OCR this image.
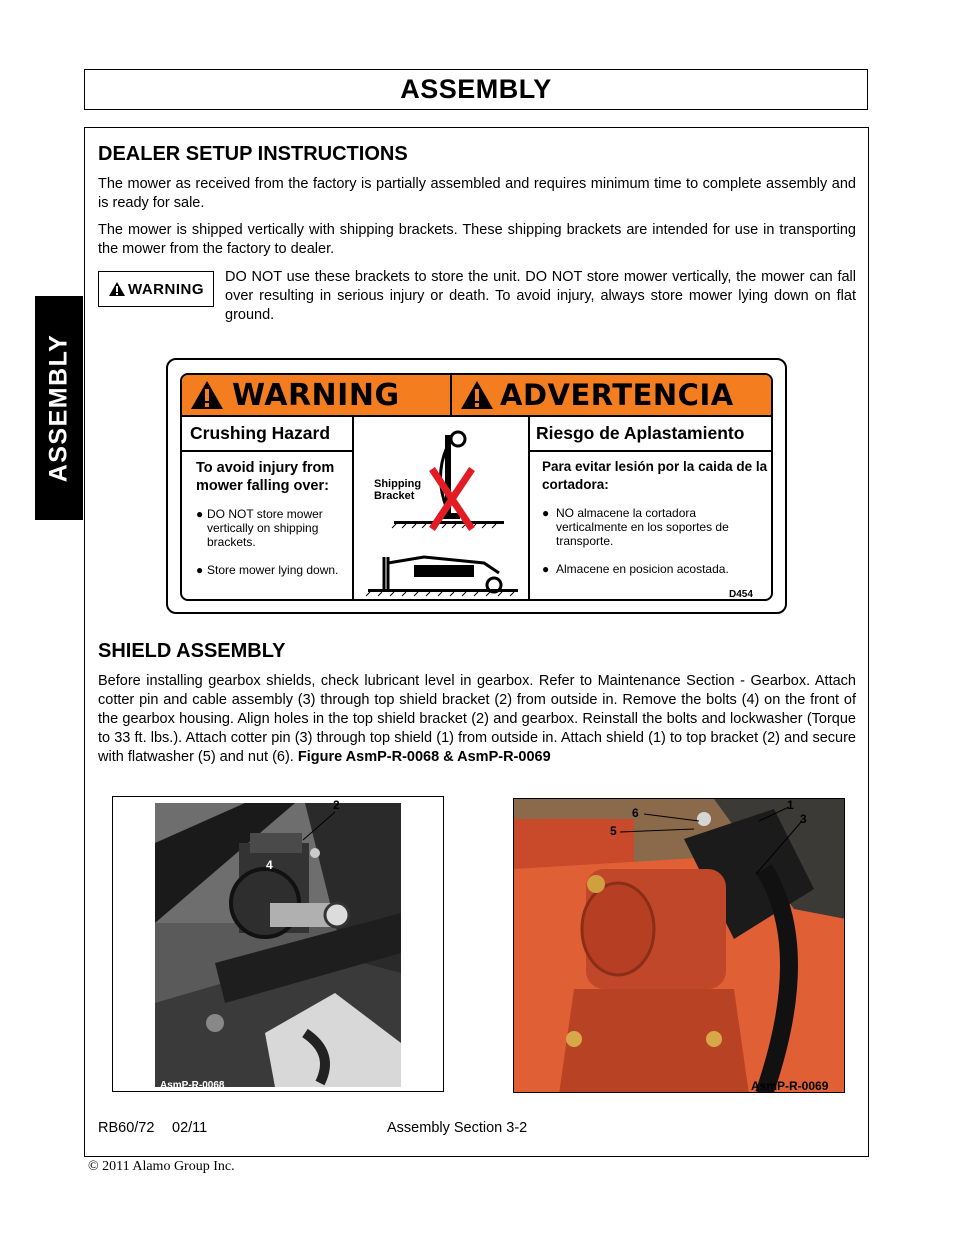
ASSEMBLY
ASSEMBLY
DEALER SETUP INSTRUCTIONS

The mower as received from the factory is partially assembled and requires minimum time to complete assembly and is ready for sale.

The mower is shipped vertically with shipping brackets. These shipping brackets are intended for use in transporting the mower from the factory to dealer.

WARNING

DO NOT use these brackets to store the unit. DO NOT store mower vertically, the mower can fall over resulting in serious injury or death. To avoid injury, always store mower lying down on flat ground.

WARNING	ADVERTENCIA
Crushing Hazard
To avoid injury from mower falling over:
● DO NOT store mower vertically on shipping brackets.
● Store mower lying down.
Shipping Bracket
Riesgo de Aplastamiento
Para evitar lesión por la caida de la cortadora:
● NO almacene la cortadora verticalmente en los soportes de transporte.
● Almacene en posicion acostada.
D454
SHIELD ASSEMBLY

Before installing gearbox shields, check lubricant level in gearbox. Refer to Maintenance Section - Gearbox. Attach cotter pin and cable assembly (3) through top shield bracket (2) from outside in. Remove the bolts (4) on the front of the gearbox housing. Align holes in the top shield bracket (2) and gearbox. Reinstall the bolts and lockwasher (Torque to 33 ft. lbs.). Attach cotter pin (3) through top shield (1) from outside in. Attach shield (1) to top bracket (2) and secure with flatwasher (5) and nut (6). Figure AsmP-R-0068 & AsmP-R-0069

2
4
AsmP-R-0068
6
5
1
3
AsmP-R-0069
RB60/72 02/11	Assembly Section 3-2
© 2011 Alamo Group Inc.
